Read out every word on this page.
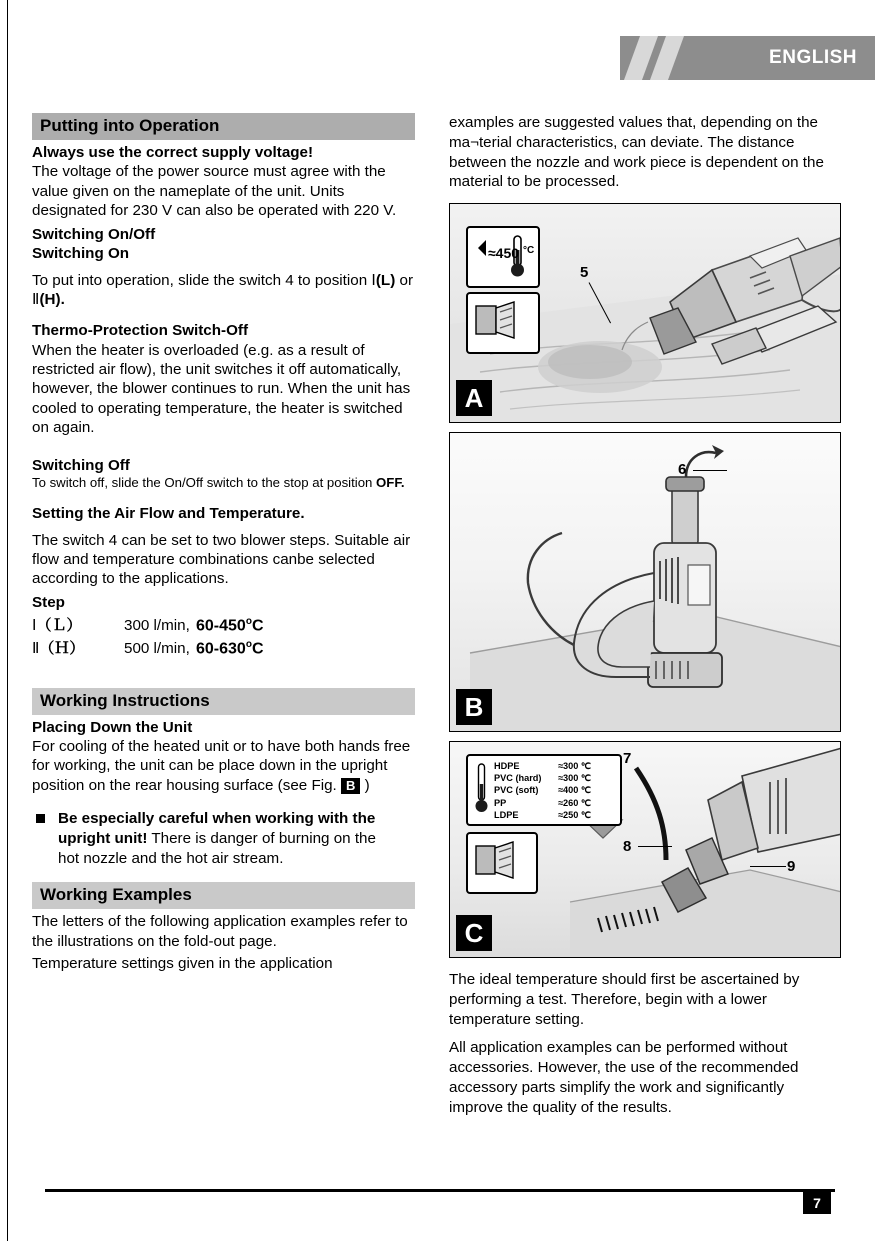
ENGLISH
Putting into Operation

Always use the correct supply voltage!

The voltage of the power source must agree with the value given on the nameplate of the unit. Units designated for 230 V can also be operated with 220 V.

Switching On/Off

Switching On

To put into operation, slide the switch 4 to position Ⅰ(L) or Ⅱ(H).

Thermo-Protection Switch-Off

When the heater is overloaded (e.g. as a result of restricted air flow), the unit switches it off automatically, however, the blower continues to run. When the unit has cooled to operating temperature, the heater is switched on again.

Switching Off

To switch off, slide the On/Off switch to the stop at position OFF.

Setting the Air Flow and Temperature.

The switch 4 can be set to two blower steps. Suitable air flow and temperature combinations canbe selected according to the applications.

Step

Ⅰ（Ｌ）	300 l/min, 60-450$^o$C
Ⅱ（Ｈ）	500 l/min, 60-630$^o$C
Working Instructions

Placing Down the Unit

For cooling of the heated unit or to have both hands free for working, the unit can be place down in the upright position on the rear housing surface (see Fig. B )

Be especially careful when working with the upright unit! There is danger of burning on the hot nozzle and the hot air stream.
Working Examples

The letters of the following application examples refer to the illustrations on the fold-out page.

Temperature settings given in the application

examples are suggested values that, depending on the ma¬terial characteristics, can deviate. The distance between the nozzle and work piece is dependent on the material to be processed.

≈450 °C
5
A
6
B
HDPE	≈300 ℃
PVC (hard) ≈300 ℃
PVC (soft) ≈400 ℃
PP	≈260 ℃
LDPE	≈250 ℃
7
8
9
C

The ideal temperature should first be ascertained by performing a test. Therefore, begin with a lower temperature setting.

All application examples can be performed without accessories. However, the use of the recommended accessory parts simplify the work and significantly improve the quality of the results.

7
